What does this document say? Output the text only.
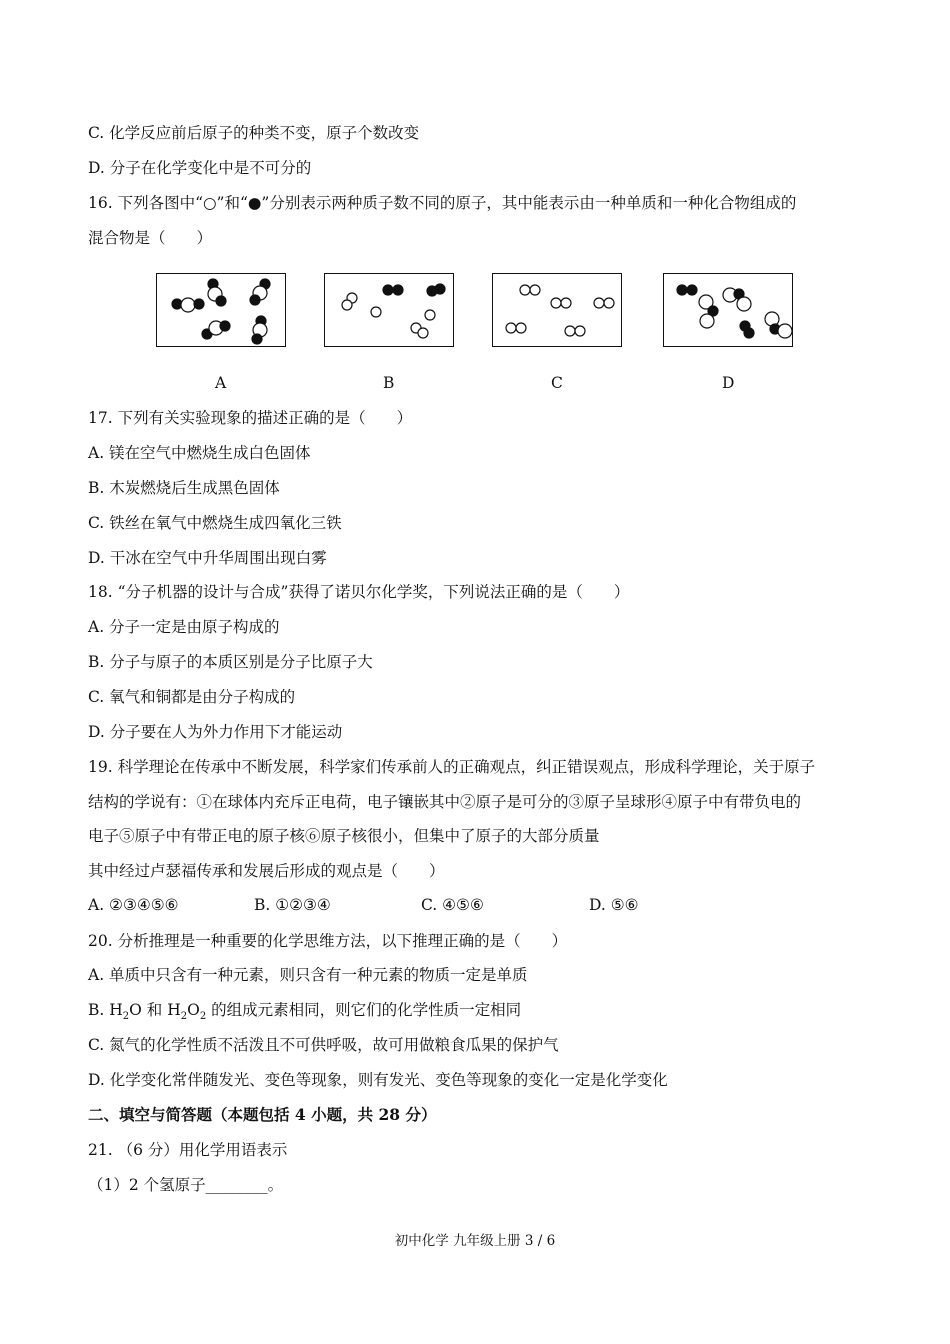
C. 化学反应前后原子的种类不变，原子个数改变
D. 分子在化学变化中是不可分的
16. 下列各图中“○”和“●”分别表示两种质子数不同的原子，其中能表示由一种单质和一种化合物组成的
混合物是（　　）
A	B	C	D
17. 下列有关实验现象的描述正确的是（　　）
A. 镁在空气中燃烧生成白色固体
B. 木炭燃烧后生成黑色固体
C. 铁丝在氧气中燃烧生成四氧化三铁
D. 干冰在空气中升华周围出现白雾
18. “分子机器的设计与合成”获得了诺贝尔化学奖，下列说法正确的是（　　）
A. 分子一定是由原子构成的
B. 分子与原子的本质区别是分子比原子大
C. 氧气和铜都是由分子构成的
D. 分子要在人为外力作用下才能运动
19. 科学理论在传承中不断发展，科学家们传承前人的正确观点，纠正错误观点，形成科学理论，关于原子
结构的学说有：①在球体内充斥正电荷，电子镶嵌其中②原子是可分的③原子呈球形④原子中有带负电的
电子⑤原子中有带正电的原子核⑥原子核很小，但集中了原子的大部分质量
其中经过卢瑟福传承和发展后形成的观点是（　　）
A. ②③④⑤⑥	B. ①②③④	C. ④⑤⑥	D. ⑤⑥
20. 分析推理是一种重要的化学思维方法，以下推理正确的是（　　）
A. 单质中只含有一种元素，则只含有一种元素的物质一定是单质
B. $H_2O$ 和 $H_2O_2$ 的组成元素相同，则它们的化学性质一定相同
C. 氮气的化学性质不活泼且不可供呼吸，故可用做粮食瓜果的保护气
D. 化学变化常伴随发光、变色等现象，则有发光、变色等现象的变化一定是化学变化
二、填空与简答题（本题包括 4 小题，共 28 分）
21. （6 分）用化学用语表示
（1）2 个氢原子________。
初中化学 九年级上册 3 / 6
